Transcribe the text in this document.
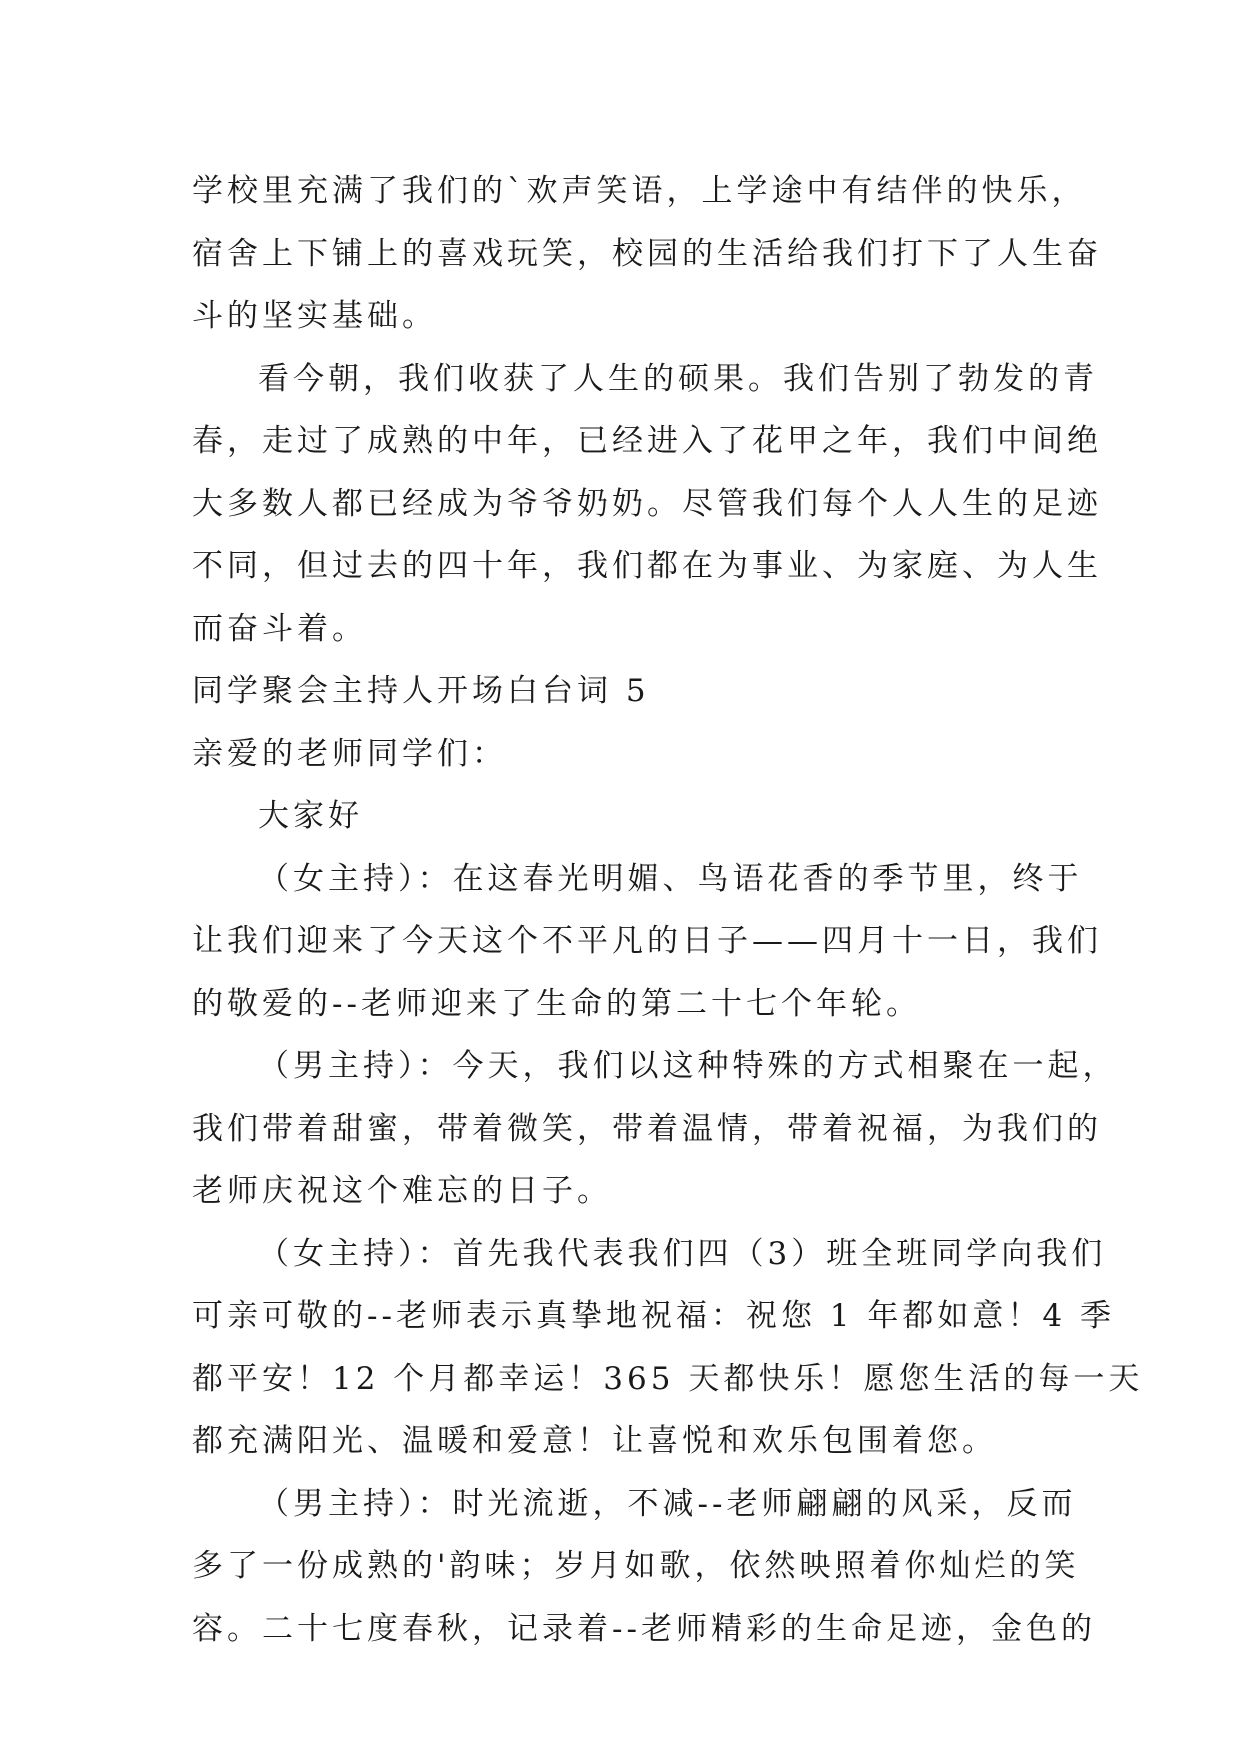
学校里充满了我们的`欢声笑语，上学途中有结伴的快乐，
宿舍上下铺上的喜戏玩笑，校园的生活给我们打下了人生奋
斗的坚实基础。
看今朝，我们收获了人生的硕果。我们告别了勃发的青
春，走过了成熟的中年，已经进入了花甲之年，我们中间绝
大多数人都已经成为爷爷奶奶。尽管我们每个人人生的足迹
不同，但过去的四十年，我们都在为事业、为家庭、为人生
而奋斗着。
同学聚会主持人开场白台词 5
亲爱的老师同学们：
大家好
（女主持）：在这春光明媚、鸟语花香的季节里，终于
让我们迎来了今天这个不平凡的日子——四月十一日，我们
的敬爱的--老师迎来了生命的第二十七个年轮。
（男主持）：今天，我们以这种特殊的方式相聚在一起，
我们带着甜蜜，带着微笑，带着温情，带着祝福，为我们的
老师庆祝这个难忘的日子。
（女主持）：首先我代表我们四（3）班全班同学向我们
可亲可敬的--老师表示真挚地祝福：祝您 1 年都如意！4 季
都平安！12 个月都幸运！365 天都快乐！愿您生活的每一天
都充满阳光、温暖和爱意！让喜悦和欢乐包围着您。
（男主持）：时光流逝，不减--老师翩翩的风采，反而
多了一份成熟的'韵味；岁月如歌，依然映照着你灿烂的笑
容。二十七度春秋，记录着--老师精彩的生命足迹，金色的
